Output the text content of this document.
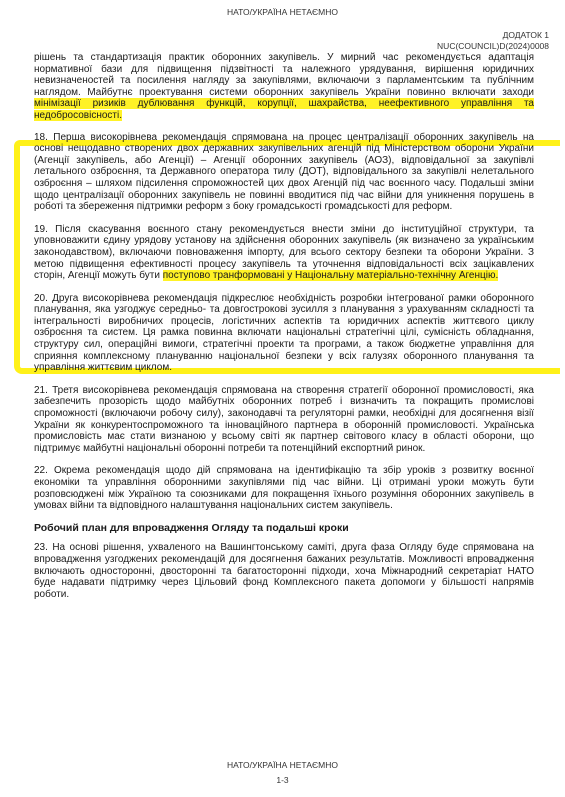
НАТО/УКРАЇНА НЕТАЄМНО
ДОДАТОК 1
NUC(COUNCIL)D(2024)0008

рішень та стандартизація практик оборонних закупівель. У мирний час рекомендується адаптація нормативної бази для підвищення підзвітності та належного урядування, вирішення юридичних невизначеностей та посилення нагляду за закупівлями, включаючи з парламентським та публічним наглядом. Майбутнє проектування системи оборонних закупівель України повинно включати заходи мінімізації ризиків дублювання функцій, корупції, шахрайства, неефективного управління та недобросовісності.

18. Перша високорівнева рекомендація спрямована на процес централізації оборонних закупівель на основі нещодавно створених двох державних закупівельних агенцій під Міністерством оборони України (Агенції закупівель, або Агенції) – Агенції оборонних закупівель (АОЗ), відповідальної за закупівлі летального озброєння, та Державного оператора тилу (ДОТ), відповідального за закупівлі нелетального озброєння – шляхом підсилення спроможностей цих двох Агенцій під час воєнного часу. Подальші зміни щодо централізації оборонних закупівель не повинні вводитися під час війни для уникнення порушень в роботі та збереження підтримки реформ з боку громадськості громадськості для реформ.

19. Після скасування воєнного стану рекомендується внести зміни до інституційної структури, та уповноважити єдину урядову установу на здійснення оборонних закупівель (як визначено за українським законодавством), включаючи повноваження імпорту, для всього сектору безпеки та оборони України. З метою підвищення ефективності процесу закупівель та уточнення відповідальності всіх зацікавлених сторін, Агенції можуть бути поступово транформовані у Національну матеріально-технічну Агенцію.

20. Друга високорівнева рекомендація підкреслює необхідність розробки інтегрованої рамки оборонного планування, яка узгоджує середньо- та довгострокові зусилля з планування з урахуванням складності та інтегральності виробничих процесів, логістичних аспектів та юридичних аспектів життєвого циклу озброєння та систем. Ця рамка повинна включати національні стратегічні цілі, сумісність обладнання, структуру сил, операційні вимоги, стратегічні проекти та програми, а також бюджетне управління для сприяння комплексному плануванню національної безпеки у всіх галузях оборонного планування та управління життєвим циклом.

21. Третя високорівнева рекомендація спрямована на створення стратегії оборонної промисловості, яка забезпечить прозорість щодо майбутніх оборонних потреб і визначить та покращить промислові спроможності (включаючи робочу силу), законодавчі та регуляторні рамки, необхідні для досягнення візії України як конкурентоспроможного та інноваційного партнера в оборонній промисловості. Українська промисловість має стати визнаною у всьому світі як партнер світового класу в області оборони, що підтримує майбутні національні оборонні потреби та потенційний експортний ринок.

22. Окрема рекомендація щодо дій спрямована на ідентифікацію та збір уроків з розвитку воєнної економіки та управління оборонними закупівлями під час війни. Ці отримані уроки можуть бути розповсюджені між Україною та союзниками для покращення їхнього розуміння оборонних закупівель в умовах війни та відповідного налаштування національних систем закупівель.

Робочий план для впровадження Огляду та подальші кроки

23. На основі рішення, ухваленого на Вашингтонському саміті, друга фаза Огляду буде спрямована на впровадження узгоджених рекомендацій для досягнення бажаних результатів. Можливості впровадження включають односторонні, двосторонні та багатосторонні підходи, хоча Міжнародний секретаріат НАТО буде надавати підтримку через Цільовий фонд Комплексного пакета допомоги у більшості напрямів роботи.

НАТО/УКРАЇНА НЕТАЄМНО
1-3
